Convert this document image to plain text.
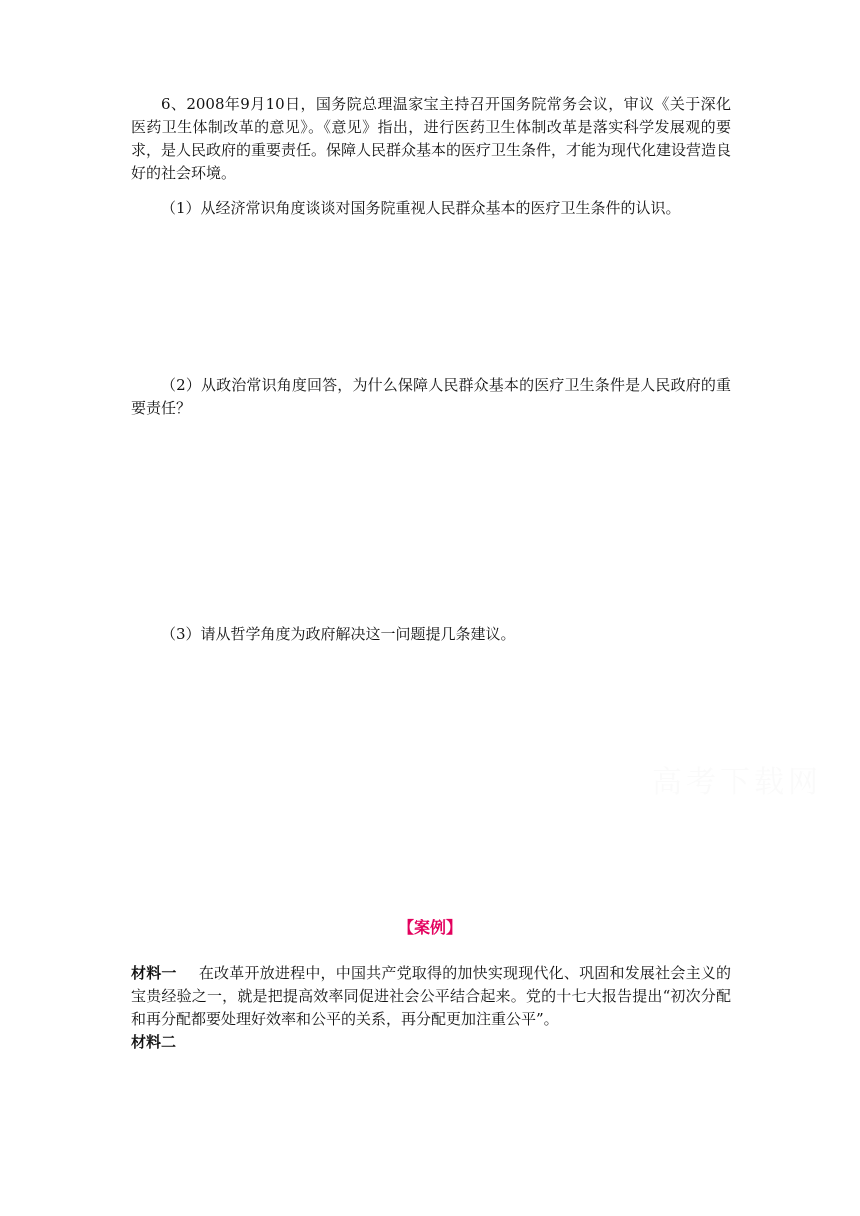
6、2008年9月10日，国务院总理温家宝主持召开国务院常务会议，审议《关于深化医药卫生体制改革的意见》。《意见》指出，进行医药卫生体制改革是落实科学发展观的要求，是人民政府的重要责任。保障人民群众基本的医疗卫生条件，才能为现代化建设营造良好的社会环境。

（1）从经济常识角度谈谈对国务院重视人民群众基本的医疗卫生条件的认识。

（2）从政治常识角度回答，为什么保障人民群众基本的医疗卫生条件是人民政府的重要责任？

（3）请从哲学角度为政府解决这一问题提几条建议。

高考下载网
【案例】

材料一 在改革开放进程中，中国共产党取得的加快实现现代化、巩固和发展社会主义的宝贵经验之一，就是把提高效率同促进社会公平结合起来。党的十七大报告提出“初次分配和再分配都要处理好效率和公平的关系，再分配更加注重公平”。

材料二
